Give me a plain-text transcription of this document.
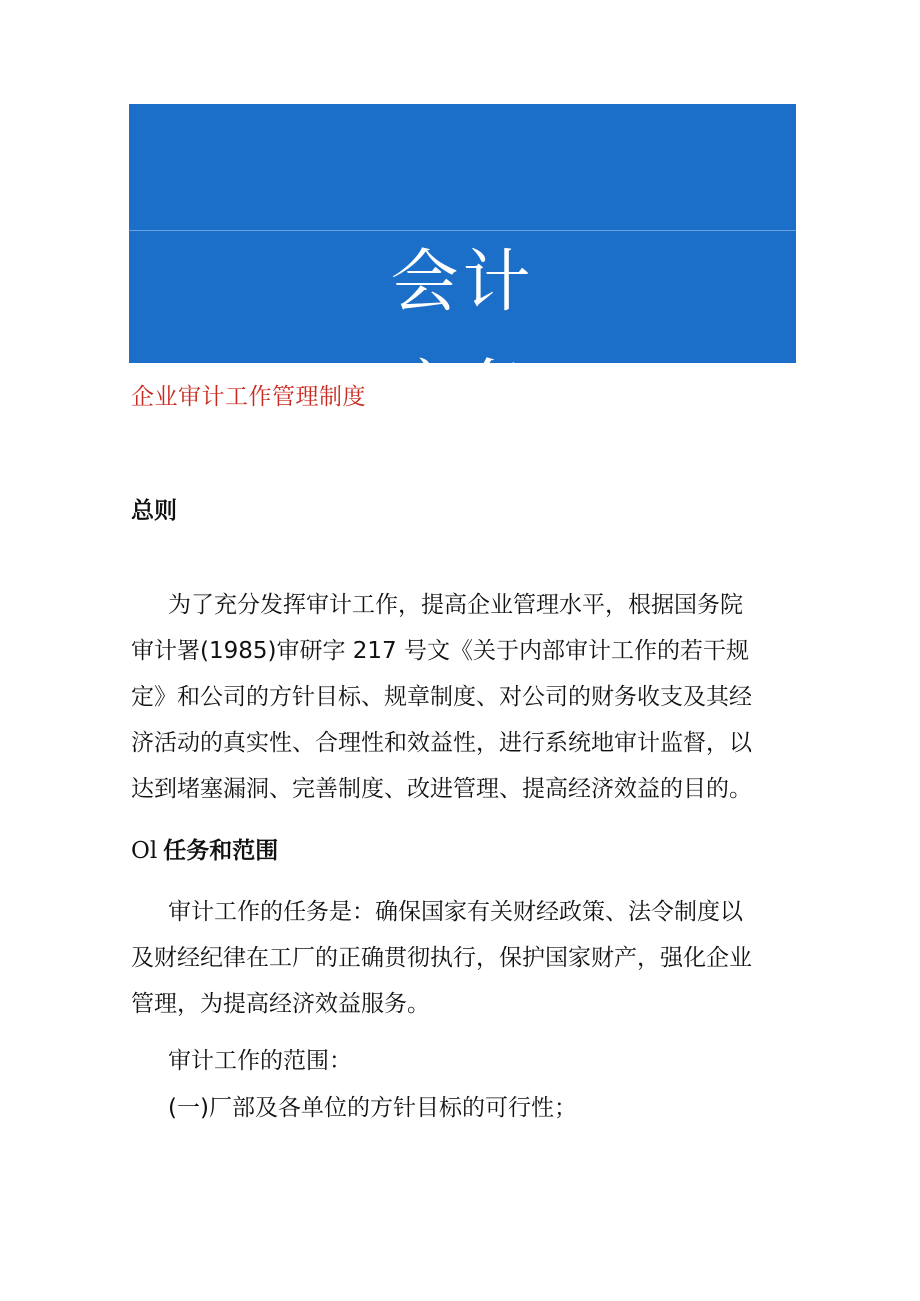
会计
实务
企业审计工作管理制度
总则
为了充分发挥审计工作，提高企业管理水平，根据国务院
审计署(1985)审研字 217 号文《关于内部审计工作的若干规
定》和公司的方针目标、规章制度、对公司的财务收支及其经
济活动的真实性、合理性和效益性，进行系统地审计监督，以
达到堵塞漏洞、完善制度、改进管理、提高经济效益的目的。
Ol 任务和范围
审计工作的任务是：确保国家有关财经政策、法令制度以
及财经纪律在工厂的正确贯彻执行，保护国家财产，强化企业
管理，为提高经济效益服务。
审计工作的范围：
(一)厂部及各单位的方针目标的可行性；
